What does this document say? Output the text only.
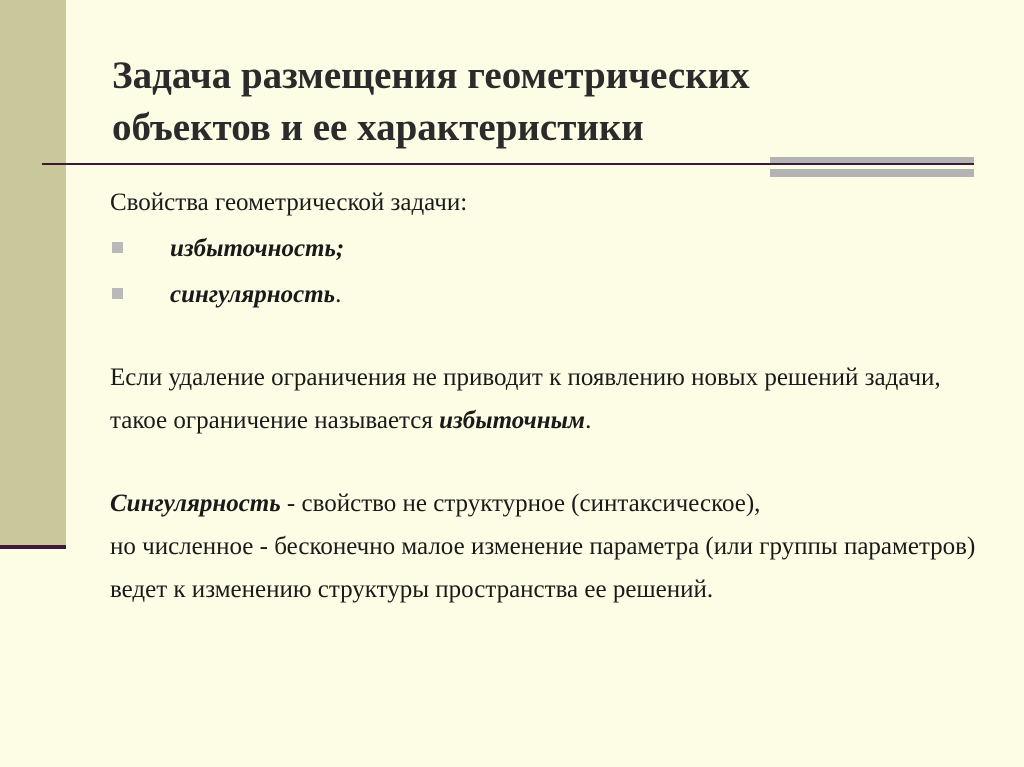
Задача размещения геометрических
объектов и ее характеристики

Свойства геометрической задачи:

избыточность;
сингулярность.

Если удаление ограничения не приводит к появлению новых решений задачи, такое ограничение называется избыточным.

Сингулярность - свойство не структурное (синтаксическое),
но численное - бесконечно малое изменение параметра (или группы параметров) ведет к изменению структуры пространства ее решений.
